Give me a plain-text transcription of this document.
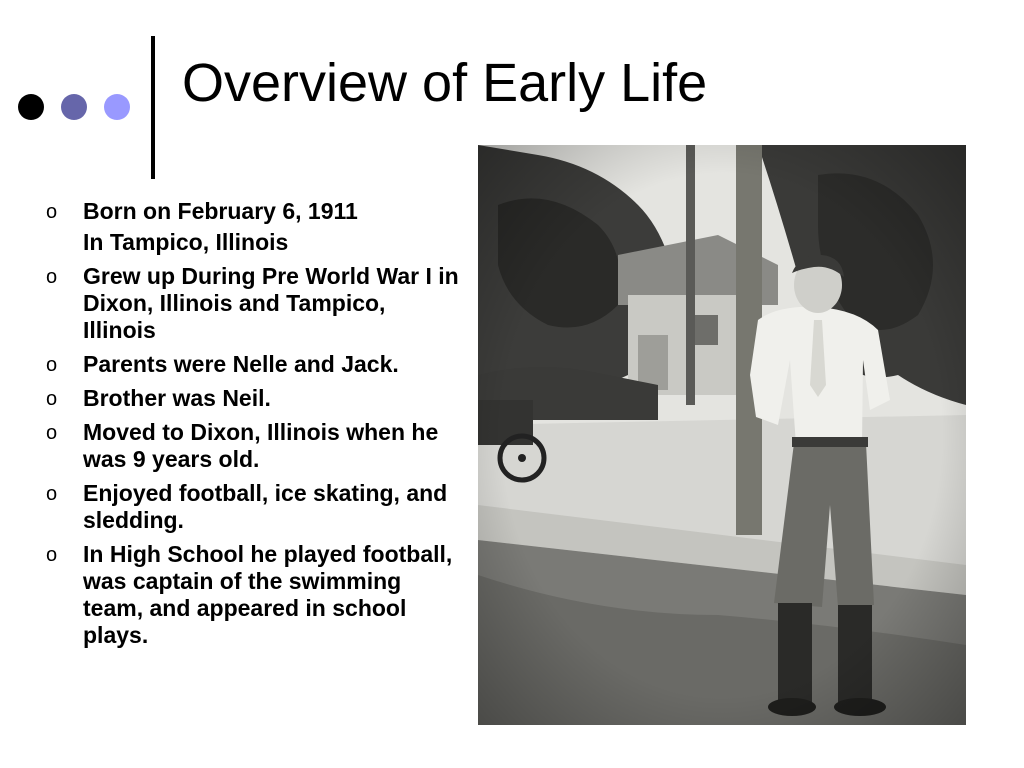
Overview of Early Life
o Born on February 6, 1911
In Tampico, Illinois
o Grew up During Pre World War I in Dixon, Illinois and Tampico, Illinois
o Parents were Nelle and Jack.
o Brother was Neil.
o Moved to Dixon, Illinois when he was 9 years old.
o Enjoyed football, ice skating, and sledding.
o In High School he played football, was captain of the swimming team, and appeared in school plays.
